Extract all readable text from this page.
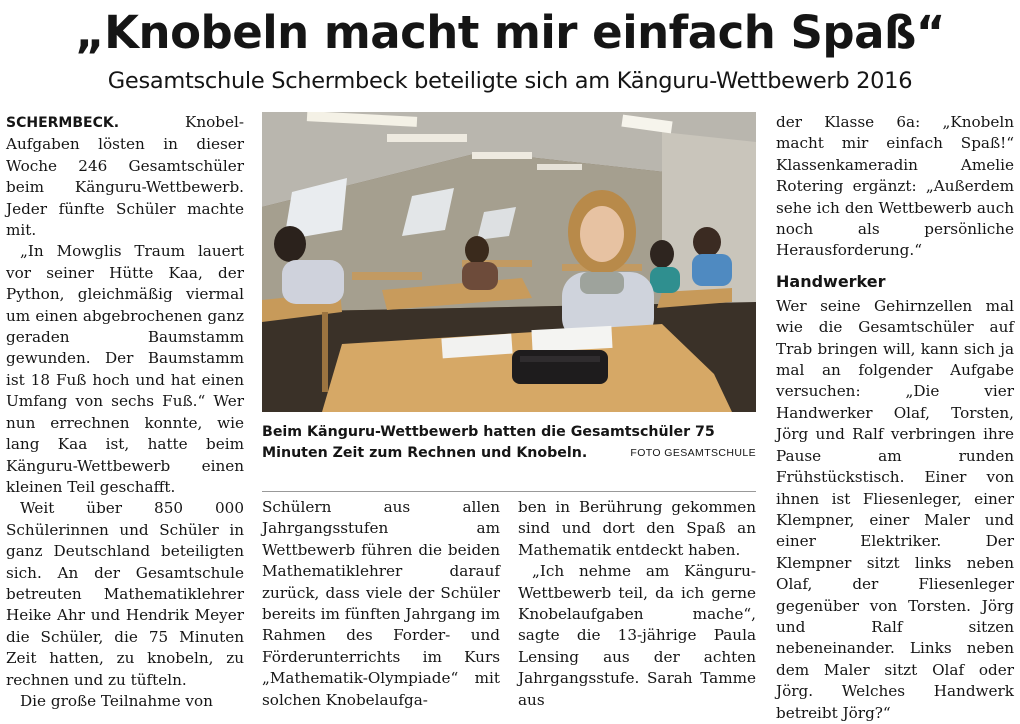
„Knobeln macht mir einfach Spaß“
Gesamtschule Schermbeck beteiligte sich am Känguru-Wettbewerb 2016

SCHERMBECK.	Knobel-Aufgaben lösten in dieser Woche 246 Gesamtschüler beim Känguru-Wettbewerb. Jeder fünfte Schüler machte mit.

„In Mowglis Traum lauert vor seiner Hütte Kaa, der Python, gleichmäßig viermal um einen abgebrochenen ganz geraden Baumstamm gewunden. Der Baumstamm ist 18 Fuß hoch und hat einen Umfang von sechs Fuß.“ Wer nun errechnen konnte, wie lang Kaa ist, hatte beim Känguru-Wettbewerb einen kleinen Teil geschafft.

Weit über 850 000 Schülerinnen und Schüler in ganz Deutschland beteiligten sich. An der Gesamtschule betreuten Mathematiklehrer Heike Ahr und Hendrik Meyer die Schüler, die 75 Minuten Zeit hatten, zu knobeln, zu rechnen und zu tüfteln.

Die große Teilnahme von

Beim Känguru-Wettbewerb hatten die Gesamtschüler 75 Minuten Zeit zum Rechnen und Knobeln.	FOTO GESAMTSCHULE

Schülern aus allen Jahrgangsstufen am Wettbewerb führen die beiden Mathematiklehrer darauf zurück, dass viele der Schüler bereits im fünften Jahrgang im Rahmen des Forder- und Förderunterrichts im Kurs „Mathematik-Olympiade“ mit solchen Knobelaufga-

ben in Berührung gekommen sind und dort den Spaß an Mathematik entdeckt haben.

„Ich nehme am Känguru-Wettbewerb teil, da ich gerne Knobelaufgaben mache“, sagte die 13-jährige Paula Lensing aus der achten Jahrgangsstufe. Sarah Tamme aus

der Klasse 6a: „Knobeln macht mir einfach Spaß!“ Klassenkameradin Amelie Rotering ergänzt: „Außerdem sehe ich den Wettbewerb auch noch als persönliche Herausforderung.“

Handwerker

Wer seine Gehirnzellen mal wie die Gesamtschüler auf Trab bringen will, kann sich ja mal an folgender Aufgabe versuchen: „Die vier Handwerker Olaf, Torsten, Jörg und Ralf verbringen ihre Pause am runden Frühstückstisch. Einer von ihnen ist Fliesenleger, einer Klempner, einer Maler und einer Elektriker. Der Klempner sitzt links neben Olaf, der Fliesenleger gegenüber von Torsten. Jörg und Ralf sitzen nebeneinander. Links neben dem Maler sitzt Olaf oder Jörg. Welches Handwerk betreibt Jörg?“
